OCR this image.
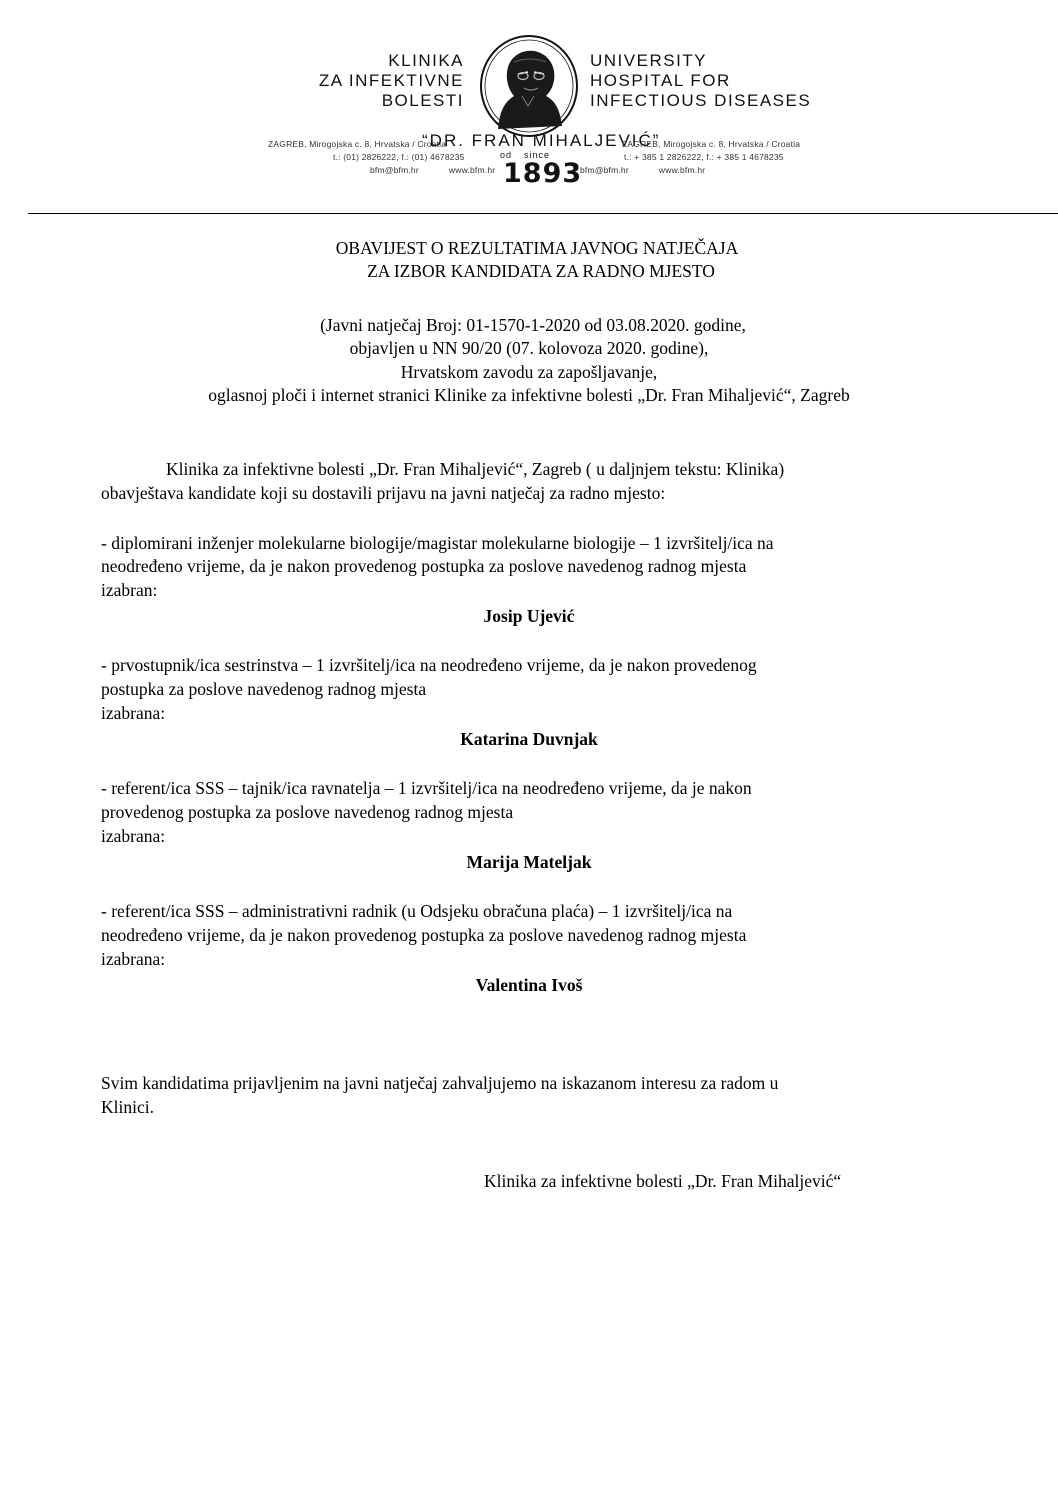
KLINIKA
ZA INFEKTIVNE
BOLESTI
UNIVERSITY
HOSPITAL FOR
INFECTIOUS DISEASES
ZAGREB, Mirogojska c. 8, Hrvatska / Croatia
“DR. FRAN MIHALJEVIĆ”
ZAGREB, Mirogojska c. 8, Hrvatska / Croatia
t.: (01) 2826222, f.: (01) 4678235	od since	t.: + 385 1 2826222, f.: + 385 1 4678235
bfm@bfm.hr	www.bfm.hr 1893
bfm@bfm.hr	www.bfm.hr
OBAVIJEST O REZULTATIMA JAVNOG NATJEČAJA
ZA IZBOR KANDIDATA ZA RADNO MJESTO
(Javni natječaj Broj: 01-1570-1-2020 od 03.08.2020. godine,
objavljen u NN 90/20 (07. kolovoza 2020. godine),
Hrvatskom zavodu za zapošljavanje,
oglasnoj ploči i internet stranici Klinike za infektivne bolesti „Dr. Fran Mihaljević“, Zagreb
Klinika za infektivne bolesti „Dr. Fran Mihaljević“, Zagreb ( u daljnjem tekstu: Klinika)
obavještava kandidate koji su dostavili prijavu na javni natječaj za radno mjesto:
- diplomirani inženjer molekularne biologije/magistar molekularne biologije – 1 izvršitelj/ica na
neodređeno vrijeme, da je nakon provedenog postupka za poslove navedenog radnog mjesta
izabran:
Josip Ujević
- prvostupnik/ica sestrinstva – 1 izvršitelj/ica na neodređeno vrijeme, da je nakon provedenog
postupka za poslove navedenog radnog mjesta
izabrana:
Katarina Duvnjak
- referent/ica SSS – tajnik/ica ravnatelja – 1 izvršitelj/ica na neodređeno vrijeme, da je nakon
provedenog postupka za poslove navedenog radnog mjesta
izabrana:
Marija Mateljak
- referent/ica SSS – administrativni radnik (u Odsjeku obračuna plaća) – 1 izvršitelj/ica na
neodređeno vrijeme, da je nakon provedenog postupka za poslove navedenog radnog mjesta
izabrana:
Valentina Ivoš
Svim kandidatima prijavljenim na javni natječaj zahvaljujemo na iskazanom interesu za radom u
Klinici.
Klinika za infektivne bolesti „Dr. Fran Mihaljević“
